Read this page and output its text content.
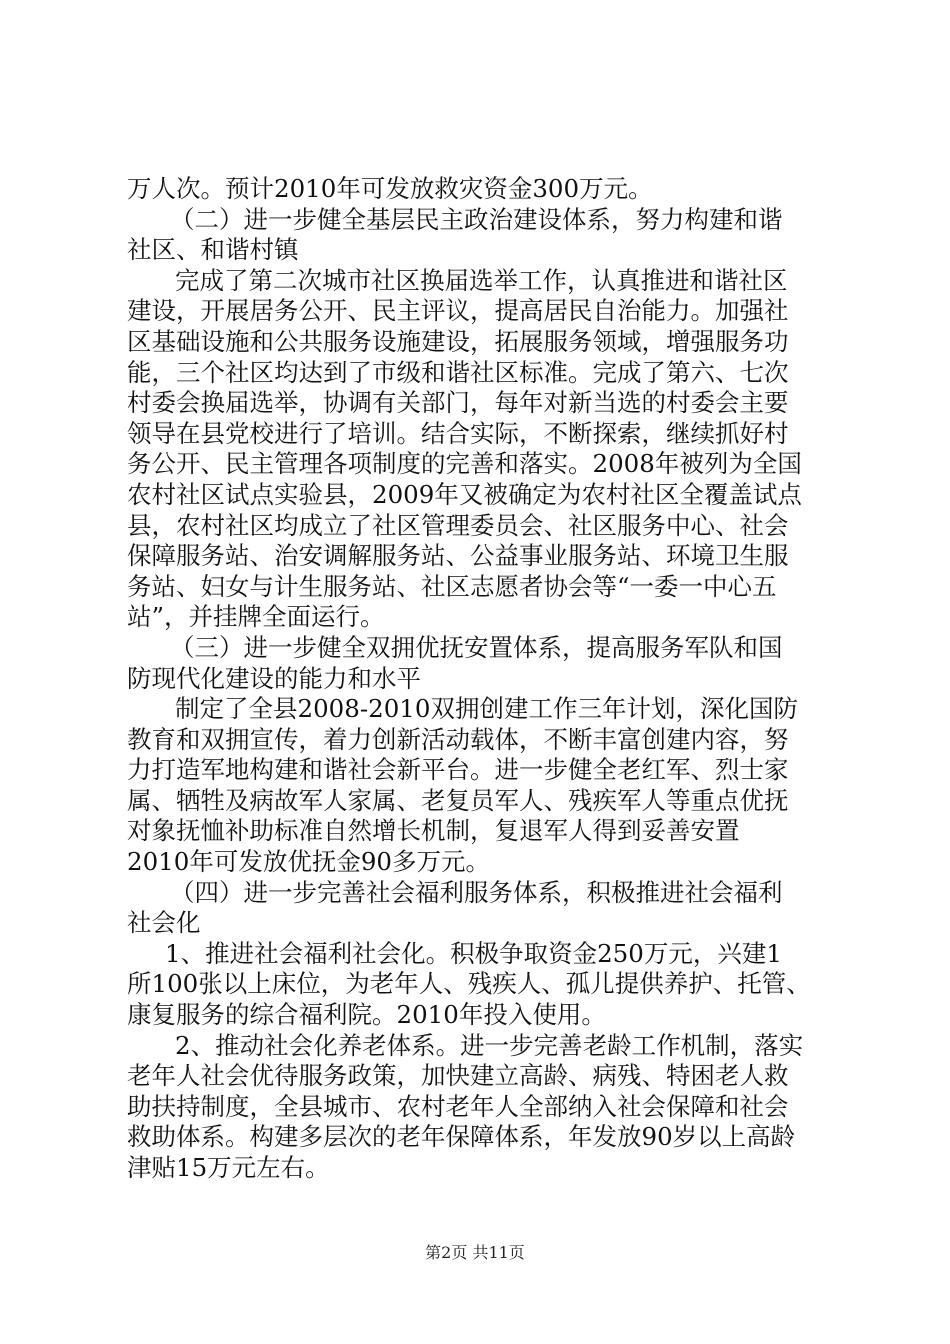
万人次。预计2010年可发放救灾资金300万元。
（二）进一步健全基层民主政治建设体系，努力构建和谐
社区、和谐村镇
完成了第二次城市社区换届选举工作，认真推进和谐社区
建设，开展居务公开、民主评议，提高居民自治能力。加强社
区基础设施和公共服务设施建设，拓展服务领域，增强服务功
能，三个社区均达到了市级和谐社区标准。完成了第六、七次
村委会换届选举，协调有关部门，每年对新当选的村委会主要
领导在县党校进行了培训。结合实际，不断探索，继续抓好村
务公开、民主管理各项制度的完善和落实。2008年被列为全国
农村社区试点实验县，2009年又被确定为农村社区全覆盖试点
县，农村社区均成立了社区管理委员会、社区服务中心、社会
保障服务站、治安调解服务站、公益事业服务站、环境卫生服
务站、妇女与计生服务站、社区志愿者协会等“一委一中心五
站”，并挂牌全面运行。
（三）进一步健全双拥优抚安置体系，提高服务军队和国
防现代化建设的能力和水平
制定了全县2008-2010双拥创建工作三年计划，深化国防
教育和双拥宣传，着力创新活动载体，不断丰富创建内容，努
力打造军地构建和谐社会新平台。进一步健全老红军、烈士家
属、牺牲及病故军人家属、老复员军人、残疾军人等重点优抚
对象抚恤补助标准自然增长机制，复退军人得到妥善安置
2010年可发放优抚金90多万元。
（四）进一步完善社会福利服务体系，积极推进社会福利
社会化
1、推进社会福利社会化。积极争取资金250万元，兴建1
所100张以上床位，为老年人、残疾人、孤儿提供养护、托管、
康复服务的综合福利院。2010年投入使用。
2、推动社会化养老体系。进一步完善老龄工作机制，落实
老年人社会优待服务政策，加快建立高龄、病残、特困老人救
助扶持制度，全县城市、农村老年人全部纳入社会保障和社会
救助体系。构建多层次的老年保障体系，年发放90岁以上高龄
津贴15万元左右。
第2页 共11页
